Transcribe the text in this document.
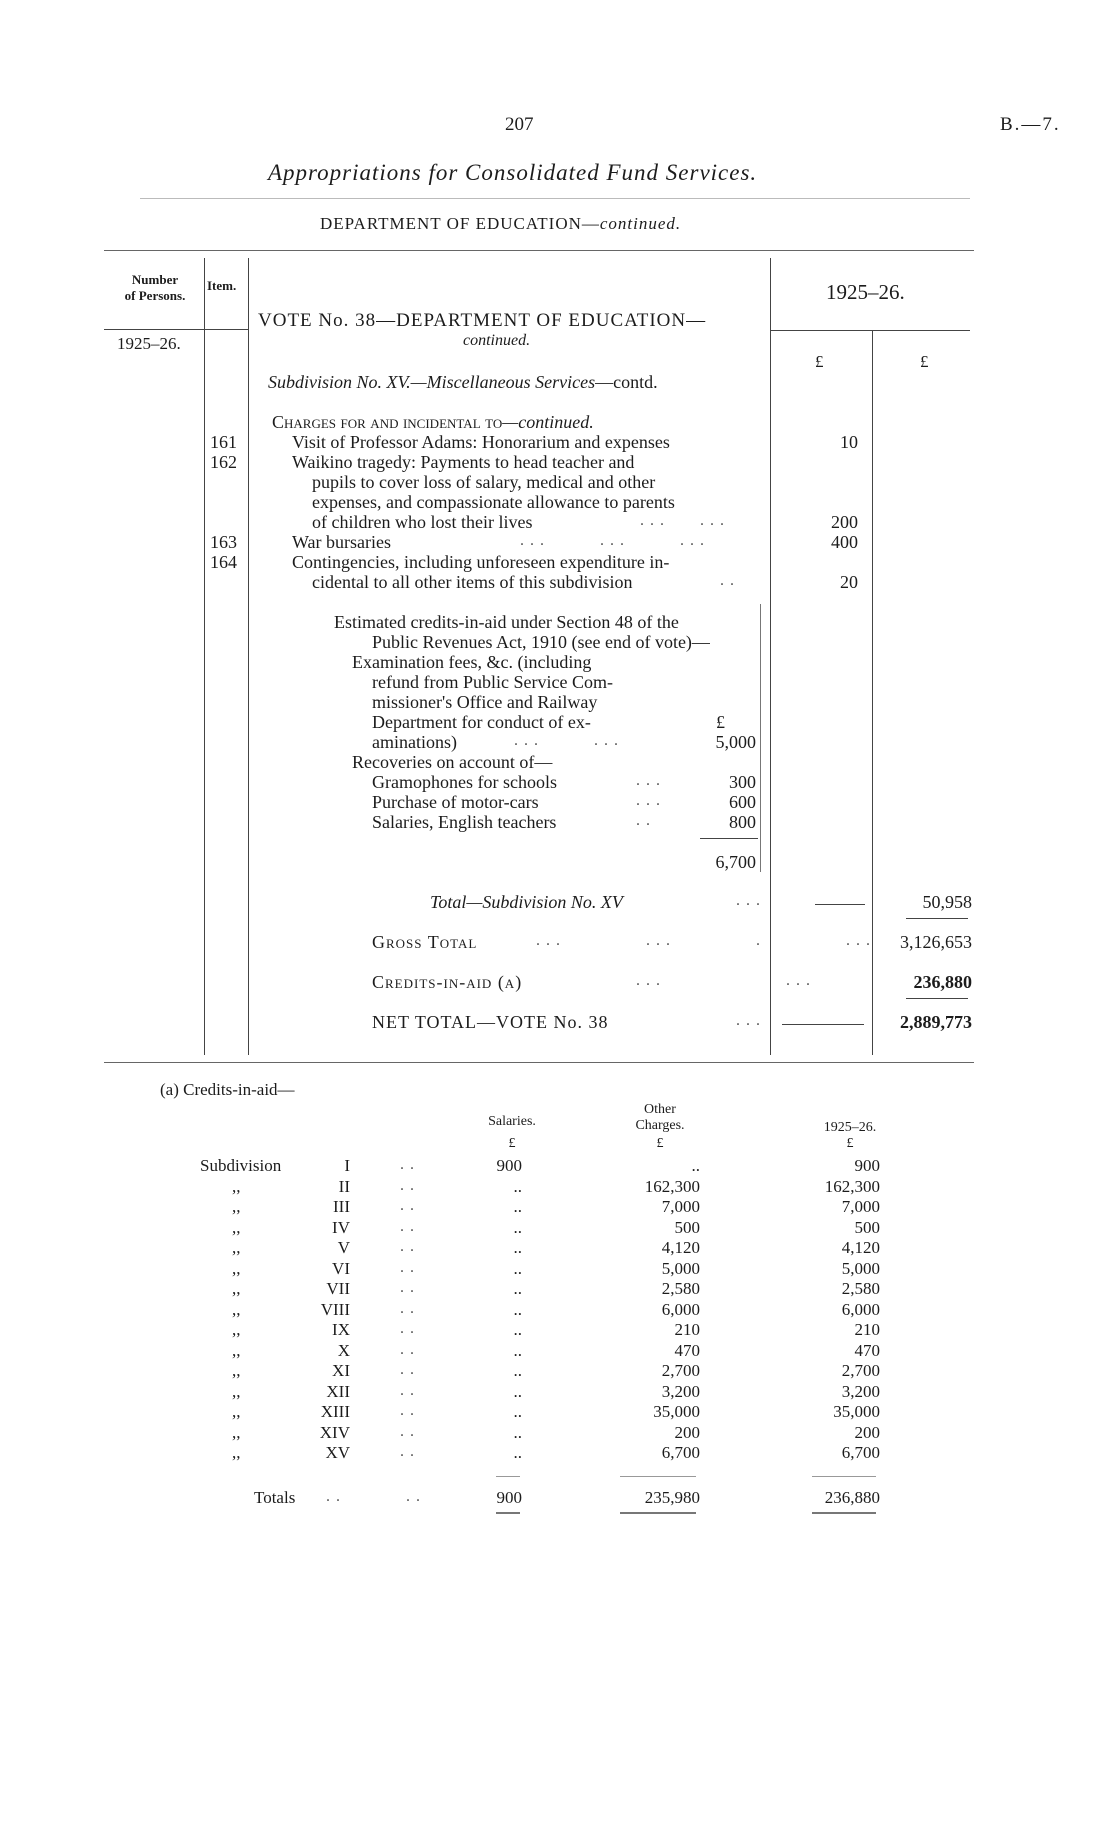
207	B.—7.
Appropriations for Consolidated Fund Services.
DEPARTMENT OF EDUCATION—continued.
Number
of Persons.
Item.	1925–26.
1925–26.
£	£
VOTE No. 38—DEPARTMENT OF EDUCATION—
continued.
Subdivision No. XV.—Miscellaneous Services—contd.
Charges for and incidental to—continued.
161	Visit of Professor Adams: Honorarium and expenses	10
162	Waikino tragedy: Payments to head teacher and
pupils to cover loss of salary, medical and other
expenses, and compassionate allowance to parents
of children who lost their lives	...   ...	200
163	War bursaries	...     ...     ...	400
164	Contingencies, including unforeseen expenditure in-
cidental to all other items of this subdivision	..	20
Estimated credits-in-aid under Section 48 of the
Public Revenues Act, 1910 (see end of vote)—
Examination fees, &c. (including
refund from Public Service Com-
missioner's Office and Railway
Department for conduct of ex-	£
aminations)	...     ...	5,000
Recoveries on account of—
Gramophones for schools	...	300
Purchase of motor-cars	...	600
Salaries, English teachers	..	800
6,700
Total—Subdivision No. XV	...	50,958
Gross Total	...        ...        .        ...	3,126,653
Credits-in-aid (a)	...            ...	236,880
NET TOTAL—VOTE No. 38	...	2,889,773
(a) Credits-in-aid—
Salaries.
Other
Charges.	1925–26.
£	£	£
Subdivision	I	..	900	..	900
,,	II	..	..	162,300	162,300
,,	III	..	..	7,000	7,000
,,	IV	..	..	500	500
,,	V	..	..	4,120	4,120
,,	VI	..	..	5,000	5,000
,,	VII	..	..	2,580	2,580
,,	VIII	..	..	6,000	6,000
,,	IX	..	..	210	210
,,	X	..	..	470	470
,,	XI	..	..	2,700	2,700
,,	XII	..	..	3,200	3,200
,,	XIII	..	..	35,000	35,000
,,	XIV	..	..	200	200
,,	XV	..	..	6,700	6,700
Totals ..      ..	900	235,980	236,880
